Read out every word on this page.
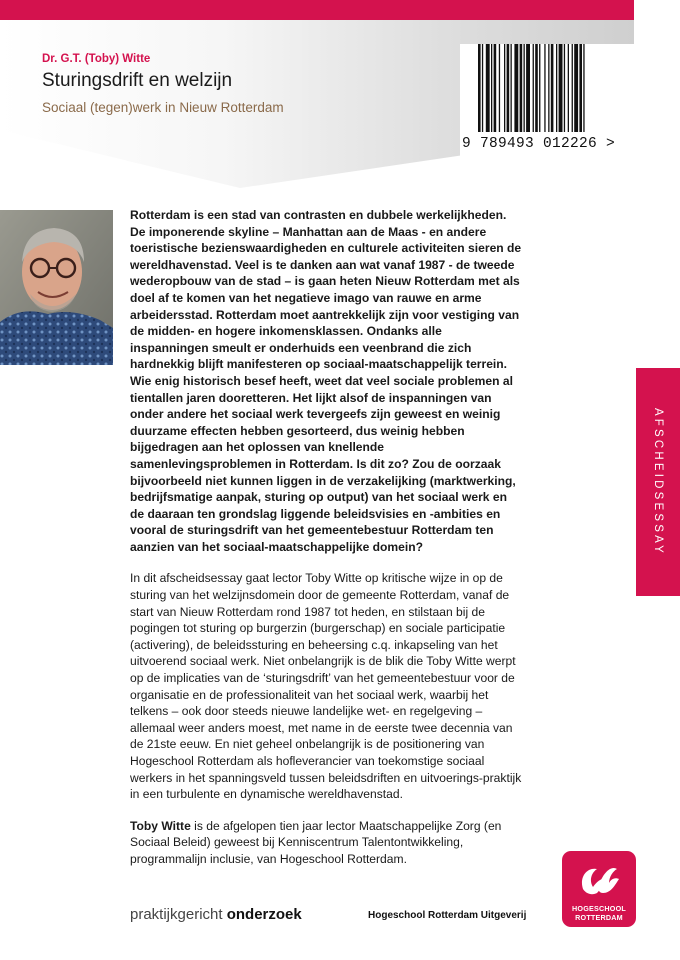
Dr. G.T. (Toby) Witte
Sturingsdrift en welzijn
Sociaal (tegen)werk in Nieuw Rotterdam
9 789493 012226 >

Rotterdam is een stad van contrasten en dubbele werkelijkheden. De imponerende skyline – Manhattan aan de Maas - en andere toeristische bezienswaardigheden en culturele activiteiten sieren de wereldhavenstad. Veel is te danken aan wat vanaf 1987 - de tweede wederopbouw van de stad – is gaan heten Nieuw Rotterdam met als doel af te komen van het negatieve imago van rauwe en arme arbeidersstad. Rotterdam moet aantrekkelijk zijn voor vestiging van de midden- en hogere inkomensklassen. Ondanks alle inspanningen smeult er onderhuids een veenbrand die zich hardnekkig blijft manifesteren op sociaal-maatschappelijk terrein. Wie enig historisch besef heeft, weet dat veel sociale problemen al tientallen jaren dooretteren. Het lijkt alsof de inspanningen van onder andere het sociaal werk tevergeefs zijn geweest en weinig duurzame effecten hebben gesorteerd, dus weinig hebben bijgedragen aan het oplossen van knellende samenlevingsproblemen in Rotterdam. Is dit zo? Zou de oorzaak bijvoorbeeld niet kunnen liggen in de verzakelijking (marktwerking, bedrijfsmatige aanpak, sturing op output) van het sociaal werk en de daaraan ten grondslag liggende beleidsvisies en -ambities en vooral de sturingsdrift van het gemeentebestuur Rotterdam ten aanzien van het sociaal-maatschappelijke domein?

In dit afscheidsessay gaat lector Toby Witte op kritische wijze in op de sturing van het welzijnsdomein door de gemeente Rotterdam, vanaf de start van Nieuw Rotterdam rond 1987 tot heden, en stilstaan bij de pogingen tot sturing op burgerzin (burgerschap) en sociale participatie (activering), de beleidssturing en beheersing c.q. inkapseling van het uitvoerend sociaal werk. Niet onbelangrijk is de blik die Toby Witte werpt op de implicaties van de ‘sturingsdrift’ van het gemeentebestuur voor de organisatie en de professionaliteit van het sociaal werk, waarbij het telkens – ook door steeds nieuwe landelijke wet- en regelgeving – allemaal weer anders moest, met name in de eerste twee decennia van de 21ste eeuw. En niet geheel onbelangrijk is de positionering van Hogeschool Rotterdam als hofleverancier van toekomstige sociaal werkers in het spanningsveld tussen beleidsdriften en uitvoerings-praktijk in een turbulente en dynamische wereldhavenstad.

Toby Witte is de afgelopen tien jaar lector Maatschappelijke Zorg (en Sociaal Beleid) geweest bij Kenniscentrum Talentontwikkeling, programmalijn inclusie, van Hogeschool Rotterdam.

AFSCHEIDSESSAY
praktijkgericht onderzoek	Hogeschool Rotterdam Uitgeverij
HOGESCHOOL
ROTTERDAM
